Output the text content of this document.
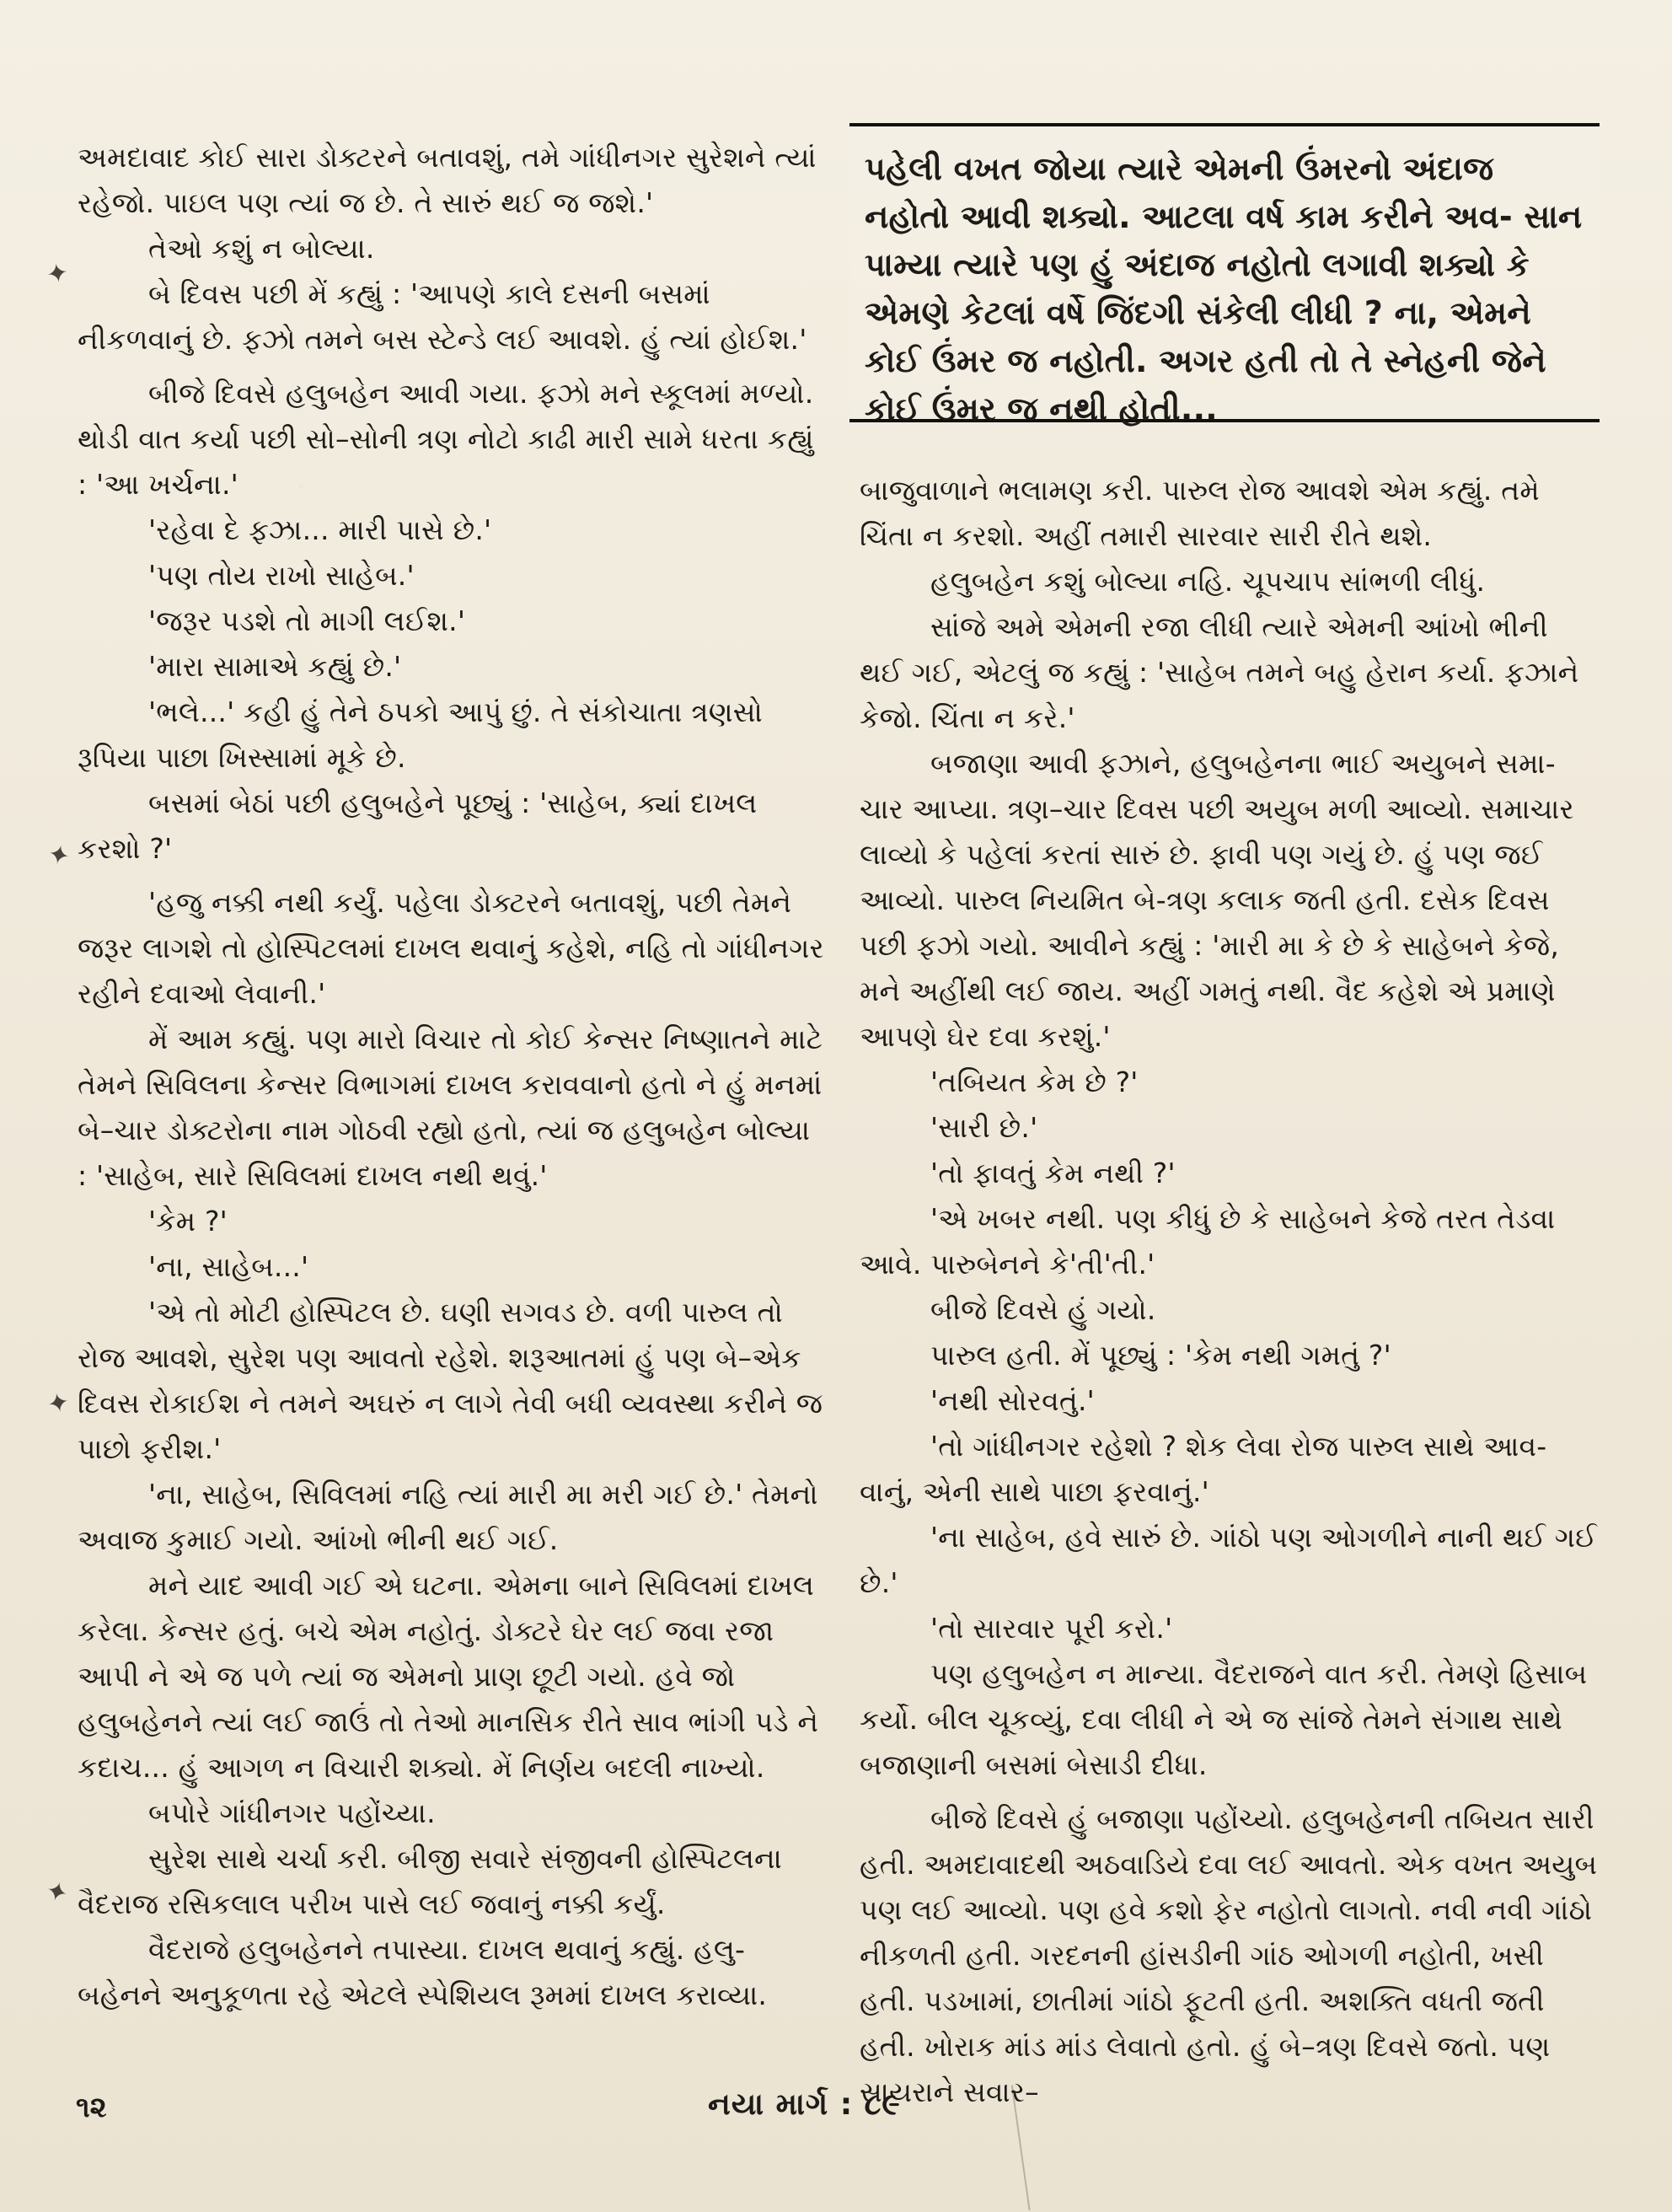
✦
✦
✦
✦

અમદાવાદ કોઈ સારા ડોક્ટરને બતાવશું, તમે ગાંધીનગર સુરેશને ત્યાં રહેજો. પાઇલ પણ ત્યાં જ છે. તે સારું થઈ જ જશે.'

તેઓ કશું ન બોલ્યા.

બે દિવસ પછી મેં કહ્યું : 'આપણે કાલે દસની બસમાં નીકળવાનું છે. ફઝો તમને બસ સ્ટેન્ડે લઈ આવશે. હું ત્યાં હોઈશ.'

બીજે દિવસે હલુબહેન આવી ગયા. ફઝો મને સ્કૂલમાં મળ્યો. થોડી વાત કર્યા પછી સો–સોની ત્રણ નોટો કાઢી મારી સામે ધરતા કહ્યું : 'આ ખર્ચના.'

'રહેવા દે ફઝા... મારી પાસે છે.'

'પણ તોય રાખો સાહેબ.'

'જરૂર પડશે તો માગી લઈશ.'

'મારા સામાએ કહ્યું છે.'

'ભલે...' કહી હું તેને ઠપકો આપું છું. તે સંકોચાતા ત્રણસો રૂપિયા પાછા ખિસ્સામાં મૂકે છે.

બસમાં બેઠાં પછી હલુબહેને પૂછ્યું : 'સાહેબ, ક્યાં દાખલ કરશો ?'

'હજુ નક્કી નથી કર્યું. પહેલા ડોક્ટરને બતાવશું, પછી તેમને જરૂર લાગશે તો હોસ્પિટલમાં દાખલ થવાનું કહેશે, નહિ તો ગાંધીનગર રહીને દવાઓ લેવાની.'

મેં આમ કહ્યું. પણ મારો વિચાર તો કોઈ કેન્સર નિષ્ણાતને માટે તેમને સિવિલના કેન્સર વિભાગમાં દાખલ કરાવવાનો હતો ને હું મનમાં બે–ચાર ડોક્ટરોના નામ ગોઠવી રહ્યો હતો, ત્યાં જ હલુબહેન બોલ્યા : 'સાહેબ, સારે સિવિલમાં દાખલ નથી થવું.'

'કેમ ?'

'ના, સાહેબ...'

'એ તો મોટી હોસ્પિટલ છે. ઘણી સગવડ છે. વળી પારુલ તો રોજ આવશે, સુરેશ પણ આવતો રહેશે. શરૂઆતમાં હું પણ બે–એક દિવસ રોકાઈશ ને તમને અઘરું ન લાગે તેવી બધી વ્યવસ્થા કરીને જ પાછો ફરીશ.'

'ના, સાહેબ, સિવિલમાં નહિ ત્યાં મારી મા મરી ગઈ છે.' તેમનો અવાજ કુમાઈ ગયો. આંખો ભીની થઈ ગઈ.

મને યાદ આવી ગઈ એ ઘટના. એમના બાને સિવિલમાં દાખલ કરેલા. કેન્સર હતું. બચે એમ નહોતું. ડોક્ટરે ઘેર લઈ જવા રજા આપી ને એ જ પળે ત્યાં જ એમનો પ્રાણ છૂટી ગયો. હવે જો હલુબહેનને ત્યાં લઈ જાઉં તો તેઓ માનસિક રીતે સાવ ભાંગી પડે ને કદાચ... હું આગળ ન વિચારી શક્યો. મેં નિર્ણય બદલી નાખ્યો.

બપોરે ગાંધીનગર પહોંચ્યા.

સુરેશ સાથે ચર્ચા કરી. બીજી સવારે સંજીવની હોસ્પિટલના વૈદરાજ રસિકલાલ પરીખ પાસે લઈ જવાનું નક્કી કર્યું.

વૈદરાજે હલુબહેનને તપાસ્યા. દાખલ થવાનું કહ્યું. હલુ- બહેનને અનુકૂળતા રહે એટલે સ્પેશિયલ રૂમમાં દાખલ કરાવ્યા.

પહેલી વખત જોયા ત્યારે એમની ઉંમરનો અંદાજ નહોતો આવી શક્યો. આટલા વર્ષ કામ કરીને અવ- સાન પામ્યા ત્યારે પણ હું અંદાજ નહોતો લગાવી શક્યો કે એમણે કેટલાં વર્ષે જિંદગી સંકેલી લીધી ? ના, એમને કોઈ ઉંમર જ નહોતી. અગર હતી તો તે સ્નેહની જેને કોઈ ઉંમર જ નથી હોતી...

બાજુવાળાને ભલામણ કરી. પારુલ રોજ આવશે એમ કહ્યું. તમે ચિંતા ન કરશો. અહીં તમારી સારવાર સારી રીતે થશે.

હલુબહેન કશું બોલ્યા નહિ. ચૂપચાપ સાંભળી લીધું.

સાંજે અમે એમની રજા લીધી ત્યારે એમની આંખો ભીની થઈ ગઈ, એટલું જ કહ્યું : 'સાહેબ તમને બહુ હેરાન કર્યા. ફઝાને કેજો. ચિંતા ન કરે.'

બજાણા આવી ફઝાને, હલુબહેનના ભાઈ અયુબને સમા- ચાર આપ્યા. ત્રણ–ચાર દિવસ પછી અયુબ મળી આવ્યો. સમાચાર લાવ્યો કે પહેલાં કરતાં સારું છે. ફાવી પણ ગયું છે. હું પણ જઈ આવ્યો. પારુલ નિયમિત બે-ત્રણ કલાક જતી હતી. દસેક દિવસ પછી ફઝો ગયો. આવીને કહ્યું : 'મારી મા કે છે કે સાહેબને કેજે, મને અહીંથી લઈ જાય. અહીં ગમતું નથી. વૈદ કહેશે એ પ્રમાણે આપણે ઘેર દવા કરશું.'

'તબિયત કેમ છે ?'

'સારી છે.'

'તો ફાવતું કેમ નથી ?'

'એ ખબર નથી. પણ કીધું છે કે સાહેબને કેજે તરત તેડવા આવે. પારુબેનને કે'તી'તી.'

બીજે દિવસે હું ગયો.

પારુલ હતી. મેં પૂછ્યું : 'કેમ નથી ગમતું ?'

'નથી સોરવતું.'

'તો ગાંધીનગર રહેશો ? શેક લેવા રોજ પારુલ સાથે આવ- વાનું, એની સાથે પાછા ફરવાનું.'

'ના સાહેબ, હવે સારું છે. ગાંઠો પણ ઓગળીને નાની થઈ ગઈ છે.'

'તો સારવાર પૂરી કરો.'

પણ હલુબહેન ન માન્યા. વૈદરાજને વાત કરી. તેમણે હિસાબ કર્યો. બીલ ચૂકવ્યું, દવા લીધી ને એ જ સાંજે તેમને સંગાથ સાથે બજાણાની બસમાં બેસાડી દીધા.

બીજે દિવસે હું બજાણા પહોંચ્યો. હલુબહેનની તબિયત સારી હતી. અમદાવાદથી અઠવાડિયે દવા લઈ આવતો. એક વખત અયુબ પણ લઈ આવ્યો. પણ હવે કશો ફેર નહોતો લાગતો. નવી નવી ગાંઠો નીકળતી હતી. ગરદનની હાંસડીની ગાંઠ ઓગળી નહોતી, ખસી હતી. પડખામાં, છાતીમાં ગાંઠો ફૂટતી હતી. અશક્તિ વધતી જતી હતી. ખોરાક માંડ માંડ લેવાતો હતો. હું બે–ત્રણ દિવસે જતો. પણ સાયરાને સવાર–

૧૨	નયા માર્ગ : ૮૯
